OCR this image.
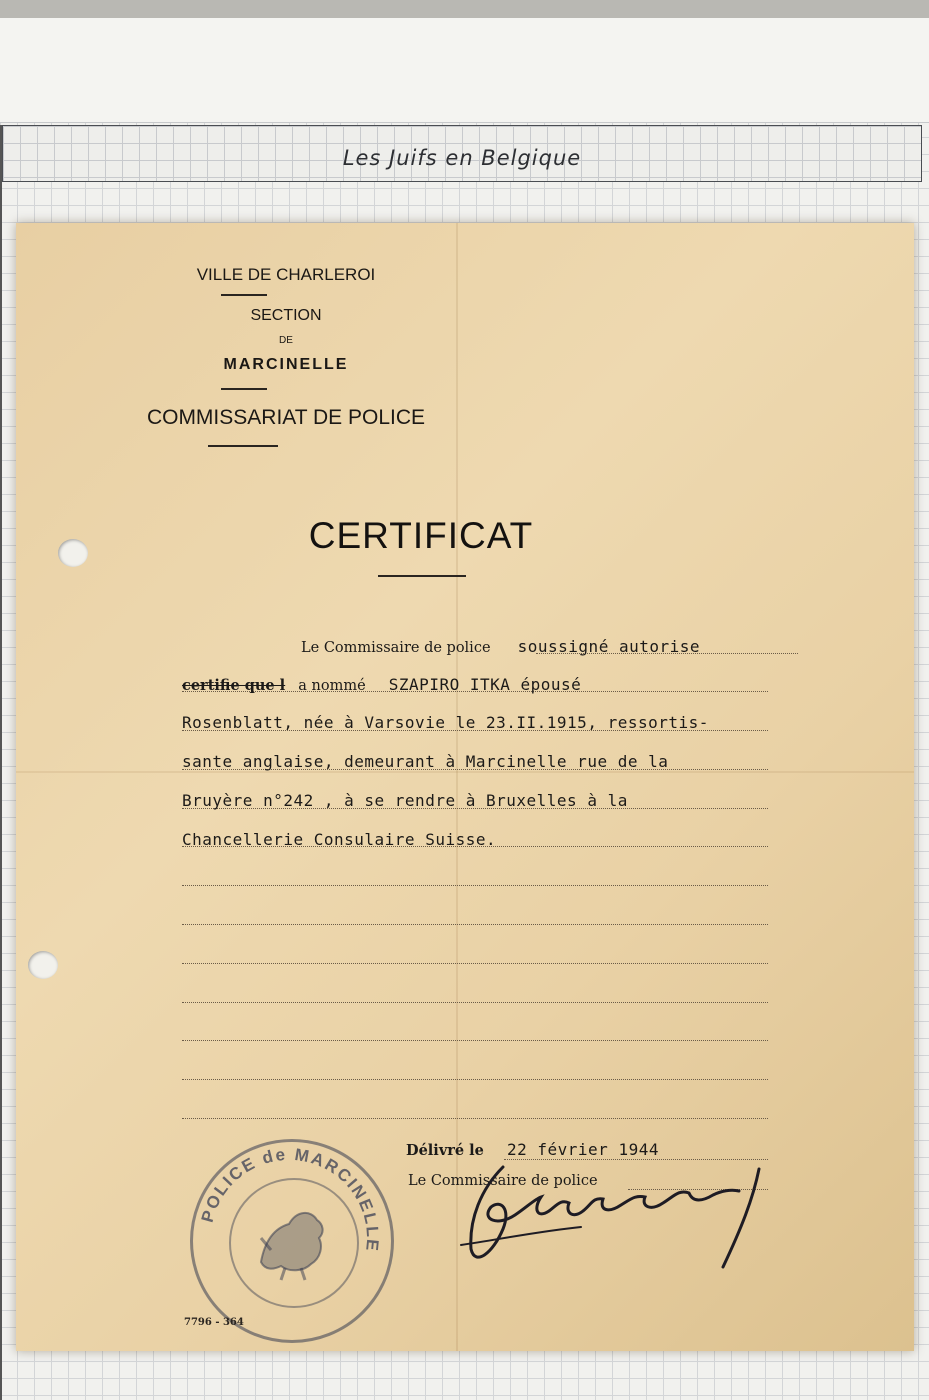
Les Juifs en Belgique
VILLE DE CHARLEROI
SECTION
DE
MARCINELLE
COMMISSARIAT DE POLICE
CERTIFICAT
Le Commissaire de police soussigné autorise
certifie que l a nommé SZAPIRO ITKA épousé
Rosenblatt, née à Varsovie le 23.II.1915, ressortis-
sante anglaise, demeurant à Marcinelle rue de la
Bruyère n°242 , à se rendre à Bruxelles à la
Chancellerie Consulaire Suisse.
Délivré le 22 février 1944
Le Commissaire de police
POLICE de MARCINELLE
7796 - 364
